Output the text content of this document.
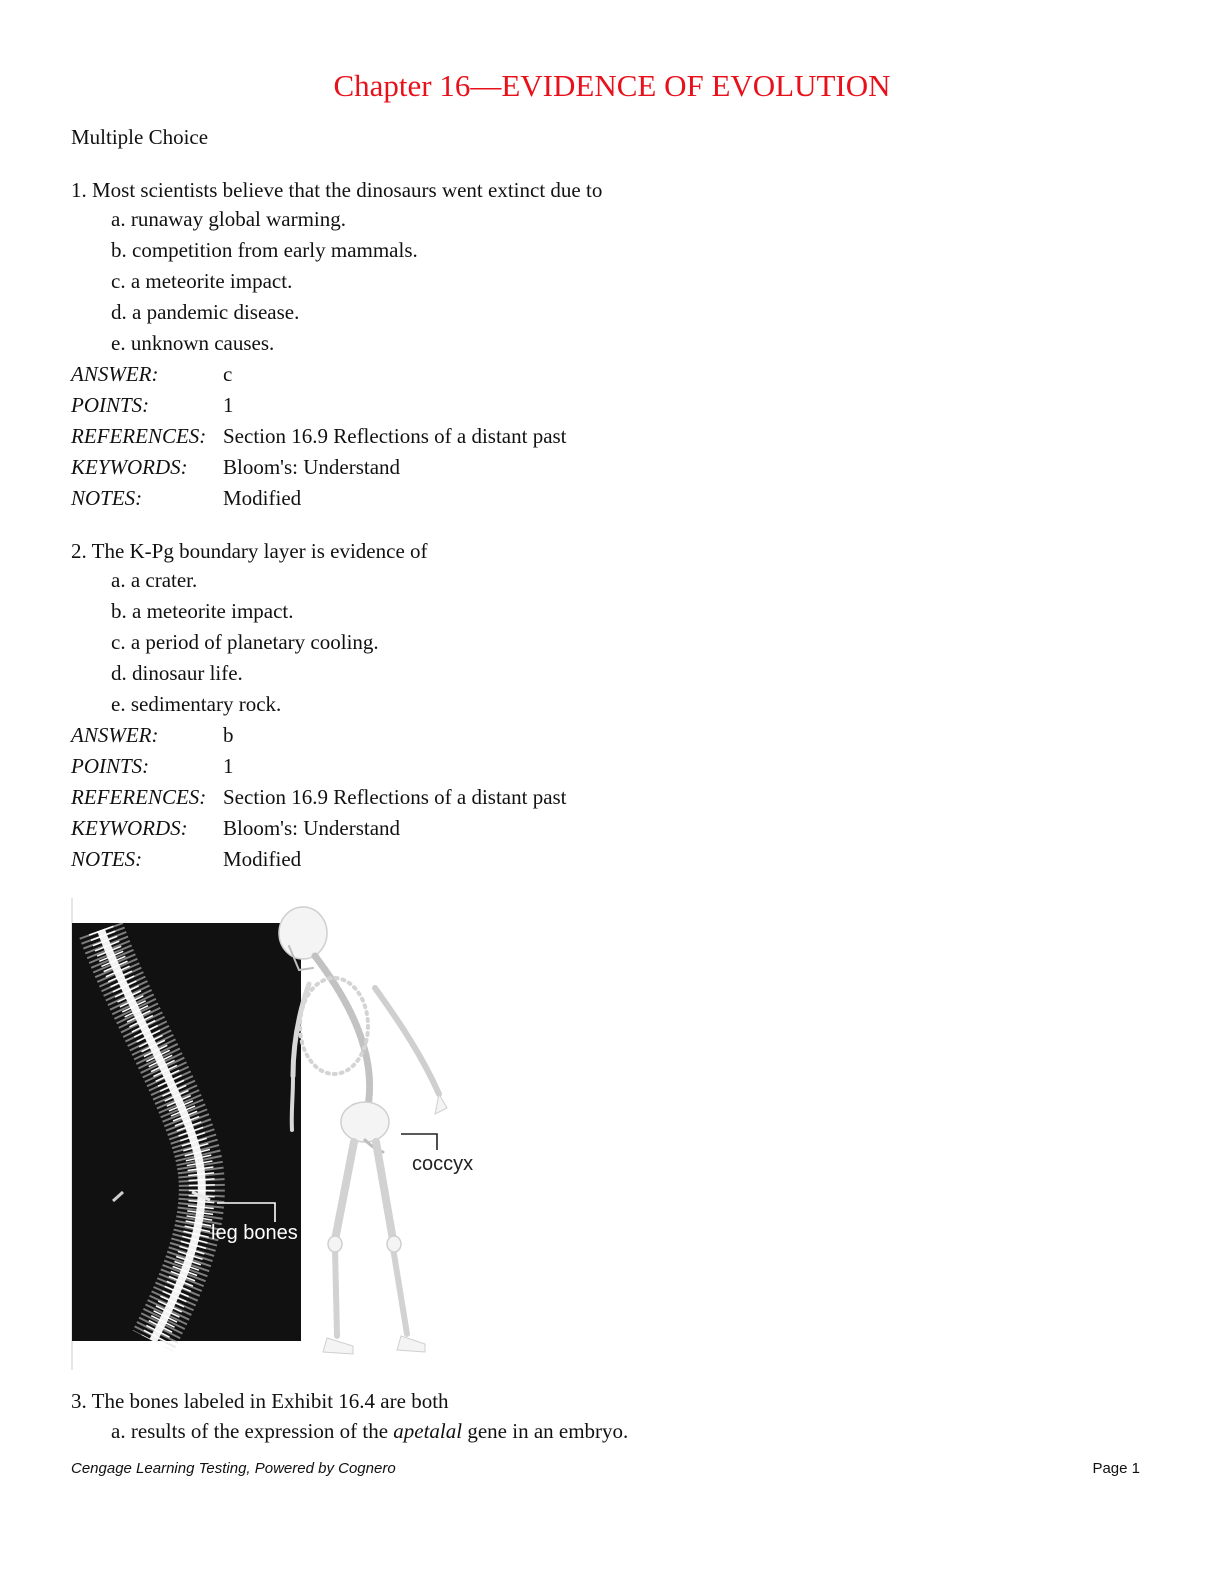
Chapter 16—EVIDENCE OF EVOLUTION
Multiple Choice
1. Most scientists believe that the dinosaurs went extinct due to
a. runaway global warming.
b. competition from early mammals.
c. a meteorite impact.
d. a pandemic disease.
e. unknown causes.
ANSWER:	c
POINTS:	1
REFERENCES: Section 16.9 Reflections of a distant past
KEYWORDS:	Bloom's: Understand
NOTES:	Modified
2. The K-Pg boundary layer is evidence of
a. a crater.
b. a meteorite impact.
c. a period of planetary cooling.
d. dinosaur life.
e. sedimentary rock.
ANSWER:	b
POINTS:	1
REFERENCES: Section 16.9 Reflections of a distant past
KEYWORDS:	Bloom's: Understand
NOTES:	Modified
leg bones
coccyx
3. The bones labeled in Exhibit 16.4 are both
a. results of the expression of the apetalal gene in an embryo.
Cengage Learning Testing, Powered by Cognero	Page 1
